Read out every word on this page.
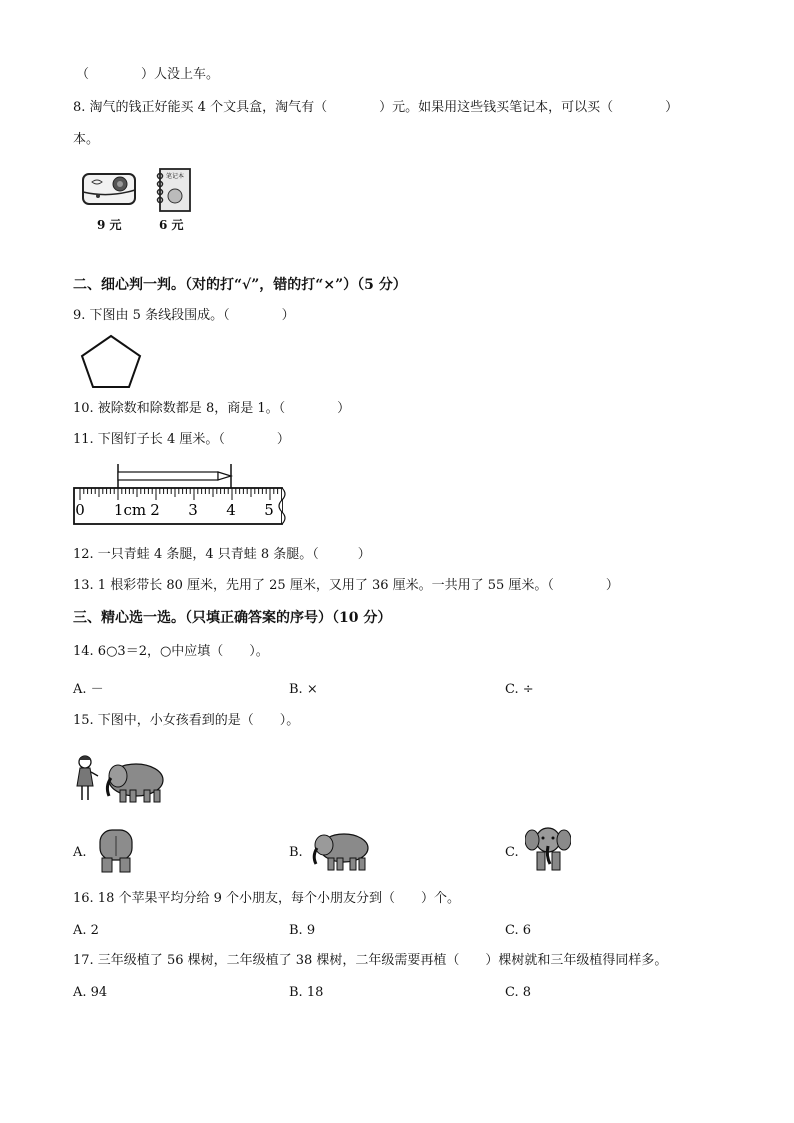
（　　　　）人没上车。
8. 淘气的钱正好能买 4 个文具盒，淘气有（　　　　）元。如果用这些钱买笔记本，可以买（　　　　）
本。
9 元
笔记本
6 元
二、细心判一判。（对的打“√”，错的打“×”）（5 分）
9. 下图由 5 条线段围成。（　　　　）
10. 被除数和除数都是 8，商是 1。（　　　　）
11. 下图钉子长 4 厘米。（　　　　）
0 1cm 2 3 4 5
12. 一只青蛙 4 条腿，4 只青蛙 8 条腿。（　　　）
13. 1 根彩带长 80 厘米，先用了 25 厘米，又用了 36 厘米。一共用了 55 厘米。（　　　　）
三、精心选一选。（只填正确答案的序号）（10 分）
14. 6○3＝2，○中应填（　　）。
A. －	B. ×	C. ÷
15. 下图中，小女孩看到的是（　　）。
A.	B.	C.
16. 18 个苹果平均分给 9 个小朋友，每个小朋友分到（　　）个。
A. 2	B. 9	C. 6
17. 三年级植了 56 棵树，二年级植了 38 棵树，二年级需要再植（　　）棵树就和三年级植得同样多。
A. 94	B. 18	C. 8
